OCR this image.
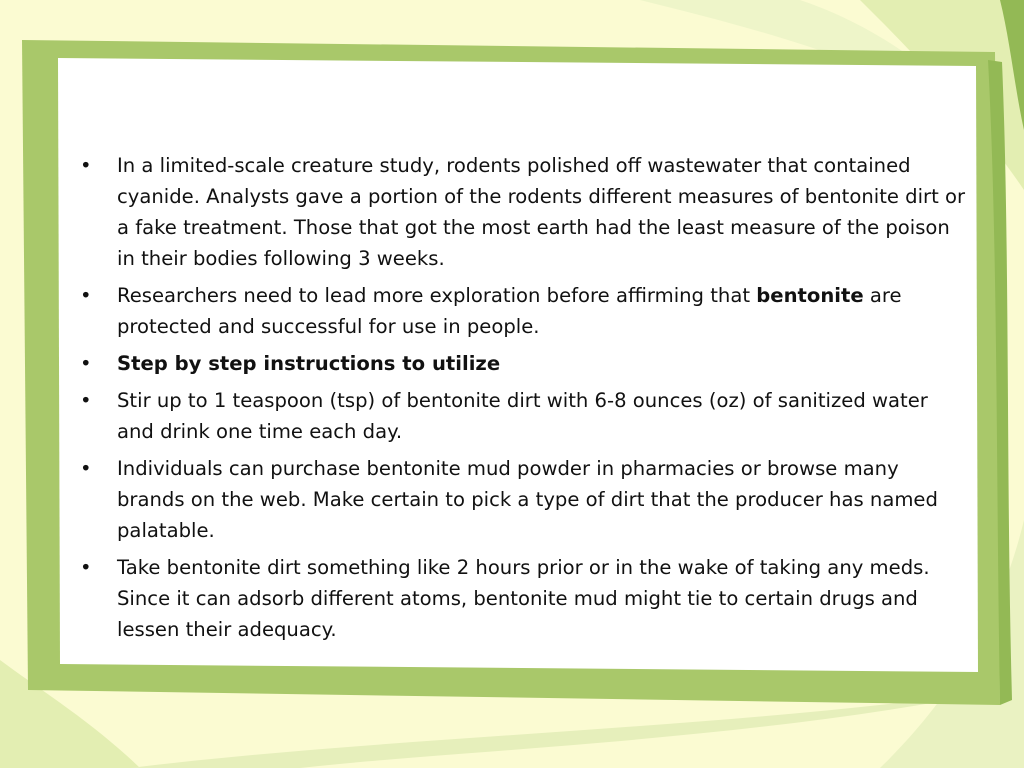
• In a limited-scale creature study, rodents polished off wastewater that contained cyanide. Analysts gave a portion of the rodents different measures of bentonite dirt or a fake treatment. Those that got the most earth had the least measure of the poison in their bodies following 3 weeks.
• Researchers need to lead more exploration before affirming that bentonite are protected and successful for use in people.
• Step by step instructions to utilize
• Stir up to 1 teaspoon (tsp) of bentonite dirt with 6-8 ounces (oz) of sanitized water and drink one time each day.
• Individuals can purchase bentonite mud powder in pharmacies or browse many brands on the web. Make certain to pick a type of dirt that the producer has named palatable.
• Take bentonite dirt something like 2 hours prior or in the wake of taking any meds. Since it can adsorb different atoms, bentonite mud might tie to certain drugs and lessen their adequacy.
